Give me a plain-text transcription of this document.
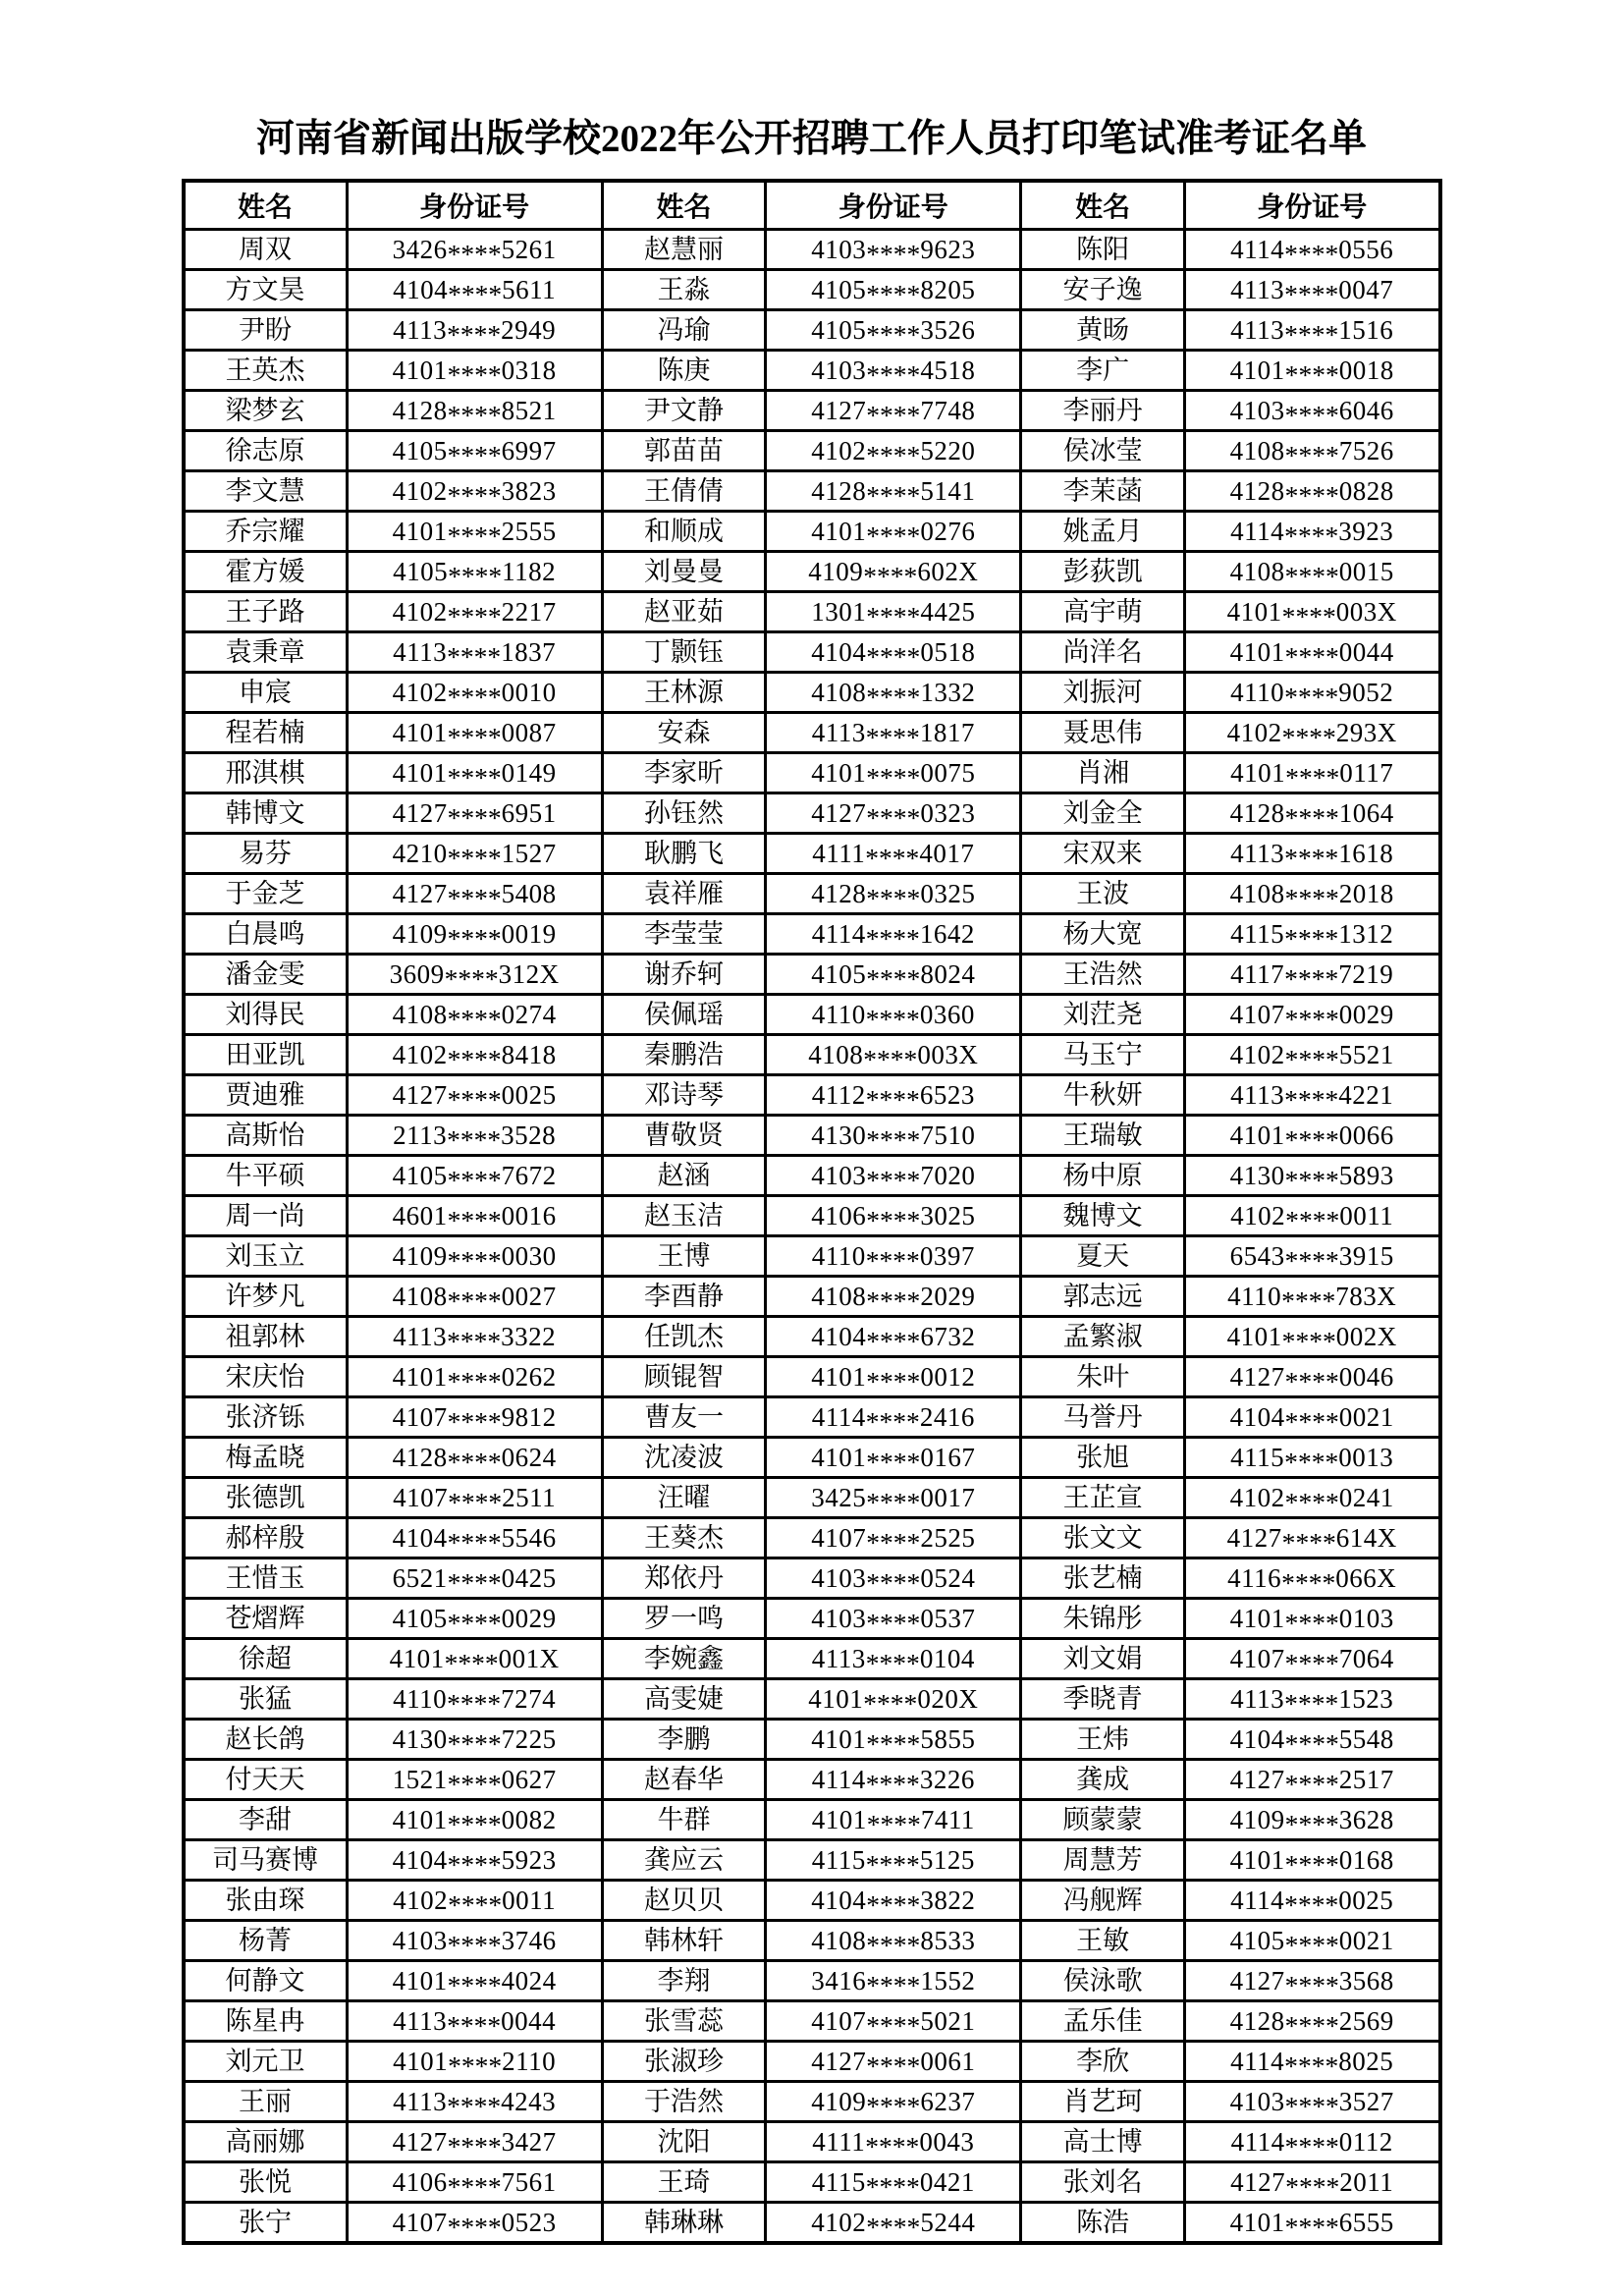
河南省新闻出版学校2022年公开招聘工作人员打印笔试准考证名单
姓名	身份证号	姓名	身份证号	姓名	身份证号
周双	3426****5261	赵慧丽	4103****9623	陈阳	4114****0556
方文昊	4104****5611	王淼	4105****8205	安子逸	4113****0047
尹盼	4113****2949	冯瑜	4105****3526	黄旸	4113****1516
王英杰	4101****0318	陈庚	4103****4518	李广	4101****0018
梁梦玄	4128****8521	尹文静	4127****7748	李丽丹	4103****6046
徐志原	4105****6997	郭苗苗	4102****5220	侯冰莹	4108****7526
李文慧	4102****3823	王倩倩	4128****5141	李茉菡	4128****0828
乔宗耀	4101****2555	和顺成	4101****0276	姚孟月	4114****3923
霍方媛	4105****1182	刘曼曼	4109****602X	彭荻凯	4108****0015
王子路	4102****2217	赵亚茹	1301****4425	高宇萌	4101****003X
袁秉章	4113****1837	丁颢钰	4104****0518	尚洋名	4101****0044
申宸	4102****0010	王林源	4108****1332	刘振河	4110****9052
程若楠	4101****0087	安森	4113****1817	聂思伟	4102****293X
邢淇棋	4101****0149	李家昕	4101****0075	肖湘	4101****0117
韩博文	4127****6951	孙钰然	4127****0323	刘金全	4128****1064
易芬	4210****1527	耿鹏飞	4111****4017	宋双来	4113****1618
于金芝	4127****5408	袁祥雁	4128****0325	王波	4108****2018
白晨鸣	4109****0019	李莹莹	4114****1642	杨大宽	4115****1312
潘金雯	3609****312X	谢乔轲	4105****8024	王浩然	4117****7219
刘得民	4108****0274	侯佩瑶	4110****0360	刘茳尧	4107****0029
田亚凯	4102****8418	秦鹏浩	4108****003X	马玉宁	4102****5521
贾迪雅	4127****0025	邓诗琴	4112****6523	牛秋妍	4113****4221
高斯怡	2113****3528	曹敬贤	4130****7510	王瑞敏	4101****0066
牛平硕	4105****7672	赵涵	4103****7020	杨中原	4130****5893
周一尚	4601****0016	赵玉洁	4106****3025	魏博文	4102****0011
刘玉立	4109****0030	王博	4110****0397	夏天	6543****3915
许梦凡	4108****0027	李酉静	4108****2029	郭志远	4110****783X
祖郭林	4113****3322	任凯杰	4104****6732	孟繁淑	4101****002X
宋庆怡	4101****0262	顾锟智	4101****0012	朱叶	4127****0046
张济铄	4107****9812	曹友一	4114****2416	马誉丹	4104****0021
梅孟晓	4128****0624	沈凌波	4101****0167	张旭	4115****0013
张德凯	4107****2511	汪曜	3425****0017	王芷宣	4102****0241
郝梓殷	4104****5546	王葵杰	4107****2525	张文文	4127****614X
王惜玉	6521****0425	郑依丹	4103****0524	张艺楠	4116****066X
苍熠辉	4105****0029	罗一鸣	4103****0537	朱锦彤	4101****0103
徐超	4101****001X	李婉鑫	4113****0104	刘文娟	4107****7064
张猛	4110****7274	高雯婕	4101****020X	季晓青	4113****1523
赵长鸽	4130****7225	李鹏	4101****5855	王炜	4104****5548
付天天	1521****0627	赵春华	4114****3226	龚成	4127****2517
李甜	4101****0082	牛群	4101****7411	顾蒙蒙	4109****3628
司马赛博	4104****5923	龚应云	4115****5125	周慧芳	4101****0168
张由琛	4102****0011	赵贝贝	4104****3822	冯舰辉	4114****0025
杨菁	4103****3746	韩林轩	4108****8533	王敏	4105****0021
何静文	4101****4024	李翔	3416****1552	侯泳歌	4127****3568
陈星冉	4113****0044	张雪蕊	4107****5021	孟乐佳	4128****2569
刘元卫	4101****2110	张淑珍	4127****0061	李欣	4114****8025
王丽	4113****4243	于浩然	4109****6237	肖艺珂	4103****3527
高丽娜	4127****3427	沈阳	4111****0043	高士博	4114****0112
张悦	4106****7561	王琦	4115****0421	张刘名	4127****2011
张宁	4107****0523	韩琳琳	4102****5244	陈浩	4101****6555
